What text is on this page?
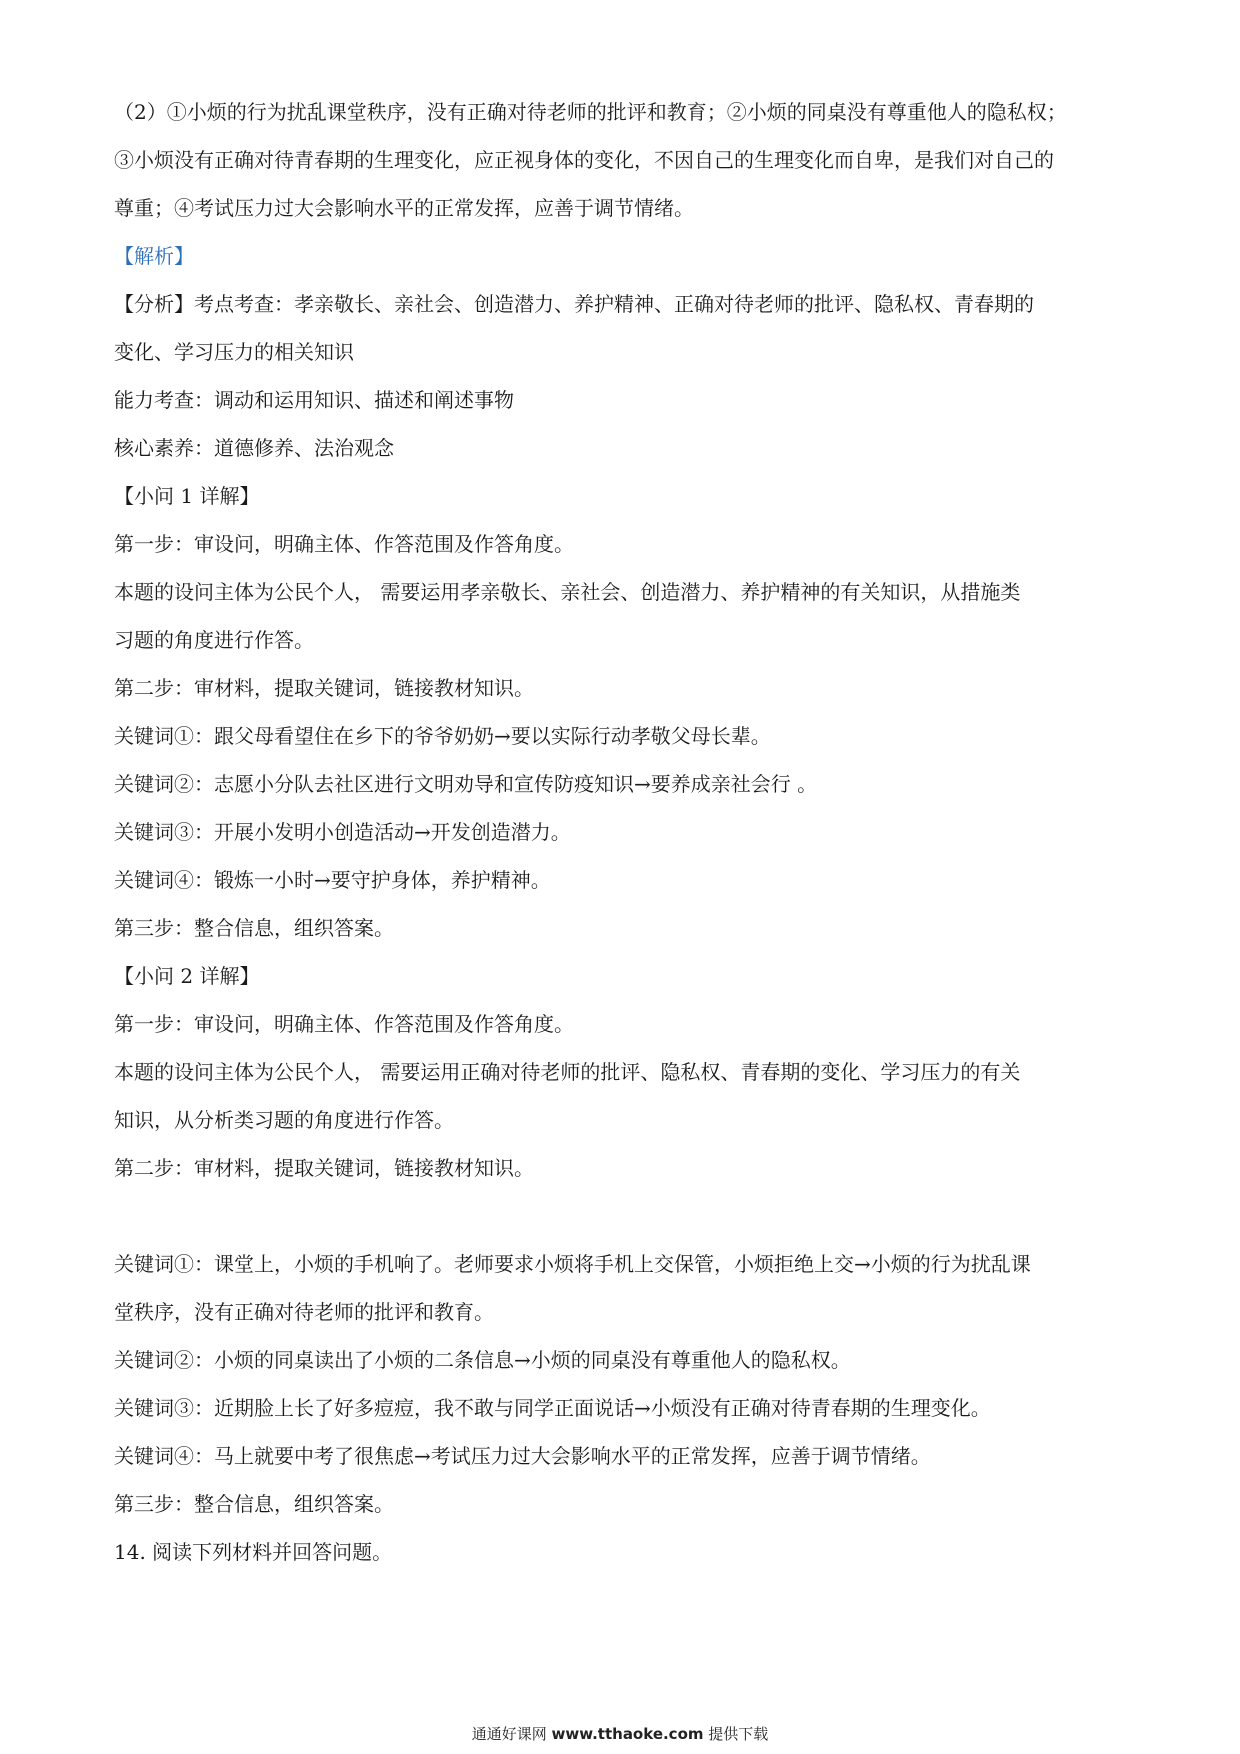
（2）①小烦的行为扰乱课堂秩序，没有正确对待老师的批评和教育；②小烦的同桌没有尊重他人的隐私权；
③小烦没有正确对待青春期的生理变化，应正视身体的变化，不因自己的生理变化而自卑，是我们对自己的
尊重；④考试压力过大会影响水平的正常发挥，应善于调节情绪。
【解析】
【分析】考点考查：孝亲敬长、亲社会、创造潜力、养护精神、正确对待老师的批评、隐私权、青春期的
变化、学习压力的相关知识
能力考查：调动和运用知识、描述和阐述事物
核心素养：道德修养、法治观念
【小问 1 详解】
第一步：审设问，明确主体、作答范围及作答角度。
本题的设问主体为公民个人， 需要运用孝亲敬长、亲社会、创造潜力、养护精神的有关知识，从措施类
习题的角度进行作答。
第二步：审材料，提取关键词，链接教材知识。
关键词①：跟父母看望住在乡下的爷爷奶奶→要以实际行动孝敬父母长辈。
关键词②：志愿小分队去社区进行文明劝导和宣传防疫知识→要养成亲社会行 。
关键词③：开展小发明小创造活动→开发创造潜力。
关键词④：锻炼一小时→要守护身体，养护精神。
第三步：整合信息，组织答案。
【小问 2 详解】
第一步：审设问，明确主体、作答范围及作答角度。
本题的设问主体为公民个人， 需要运用正确对待老师的批评、隐私权、青春期的变化、学习压力的有关
知识，从分析类习题的角度进行作答。
第二步：审材料，提取关键词，链接教材知识。
关键词①：课堂上，小烦的手机响了。老师要求小烦将手机上交保管，小烦拒绝上交→小烦的行为扰乱课
堂秩序，没有正确对待老师的批评和教育。
关键词②：小烦的同桌读出了小烦的二条信息→小烦的同桌没有尊重他人的隐私权。
关键词③：近期脸上长了好多痘痘，我不敢与同学正面说话→小烦没有正确对待青春期的生理变化。
关键词④：马上就要中考了很焦虑→考试压力过大会影响水平的正常发挥，应善于调节情绪。
第三步：整合信息，组织答案。
14. 阅读下列材料并回答问题。
通通好课网 www.tthaoke.com 提供下载
